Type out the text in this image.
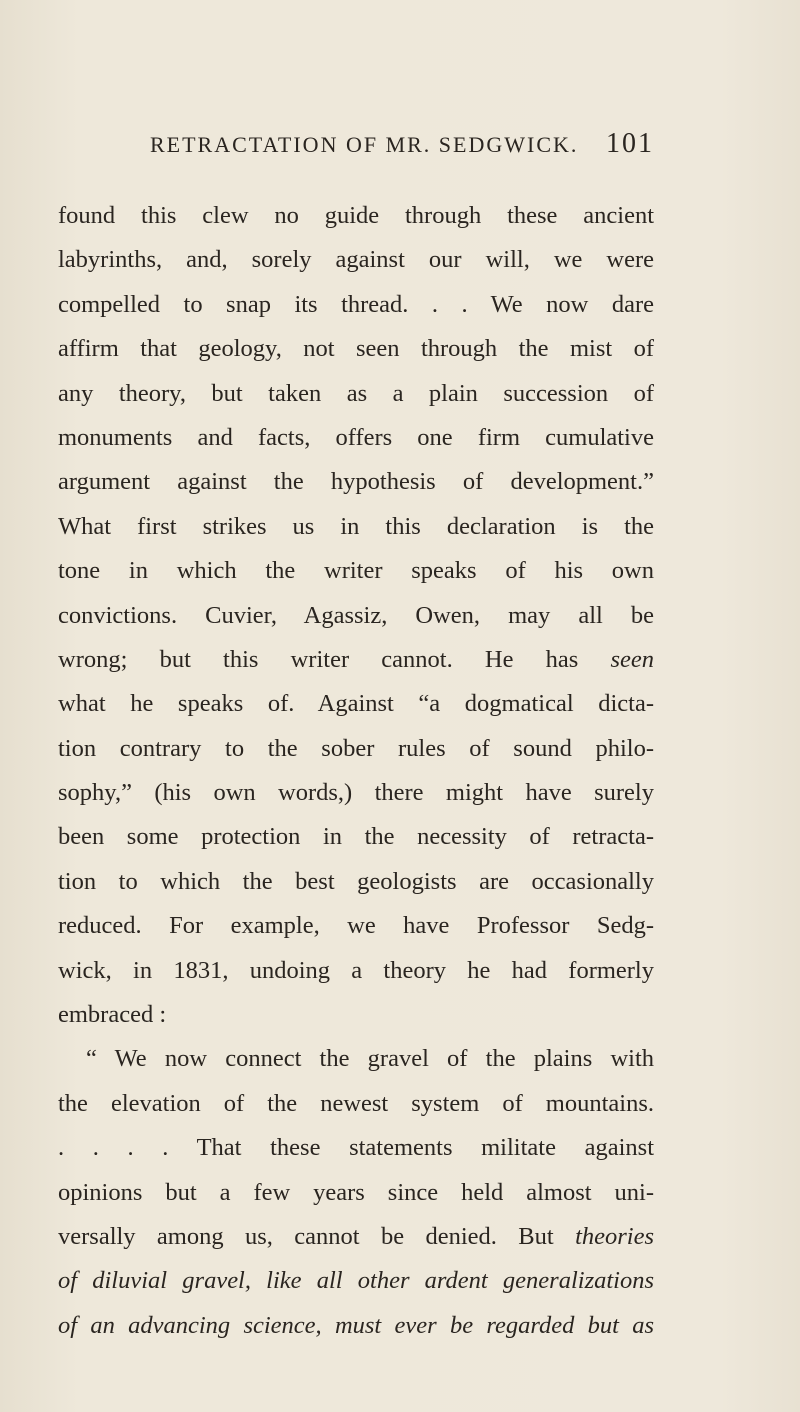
RETRACTATION OF MR. SEDGWICK. 101
found this clew no guide through these ancient
labyrinths, and, sorely against our will, we were
compelled to snap its thread. . . We now dare
affirm that geology, not seen through the mist of
any theory, but taken as a plain succession of
monuments and facts, offers one firm cumulative
argument against the hypothesis of development.”
What first strikes us in this declaration is the
tone in which the writer speaks of his own
convictions. Cuvier, Agassiz, Owen, may all be
wrong; but this writer cannot. He has seen
what he speaks of. Against “a dogmatical dicta-
tion contrary to the sober rules of sound philo-
sophy,” (his own words,) there might have surely
been some protection in the necessity of retracta-
tion to which the best geologists are occasionally
reduced. For example, we have Professor Sedg-
wick, in 1831, undoing a theory he had formerly
embraced :
“ We now connect the gravel of the plains with
the elevation of the newest system of mountains.
. . . . That these statements militate against
opinions but a few years since held almost uni-
versally among us, cannot be denied. But theories
of diluvial gravel, like all other ardent generalizations
of an advancing science, must ever be regarded but as
